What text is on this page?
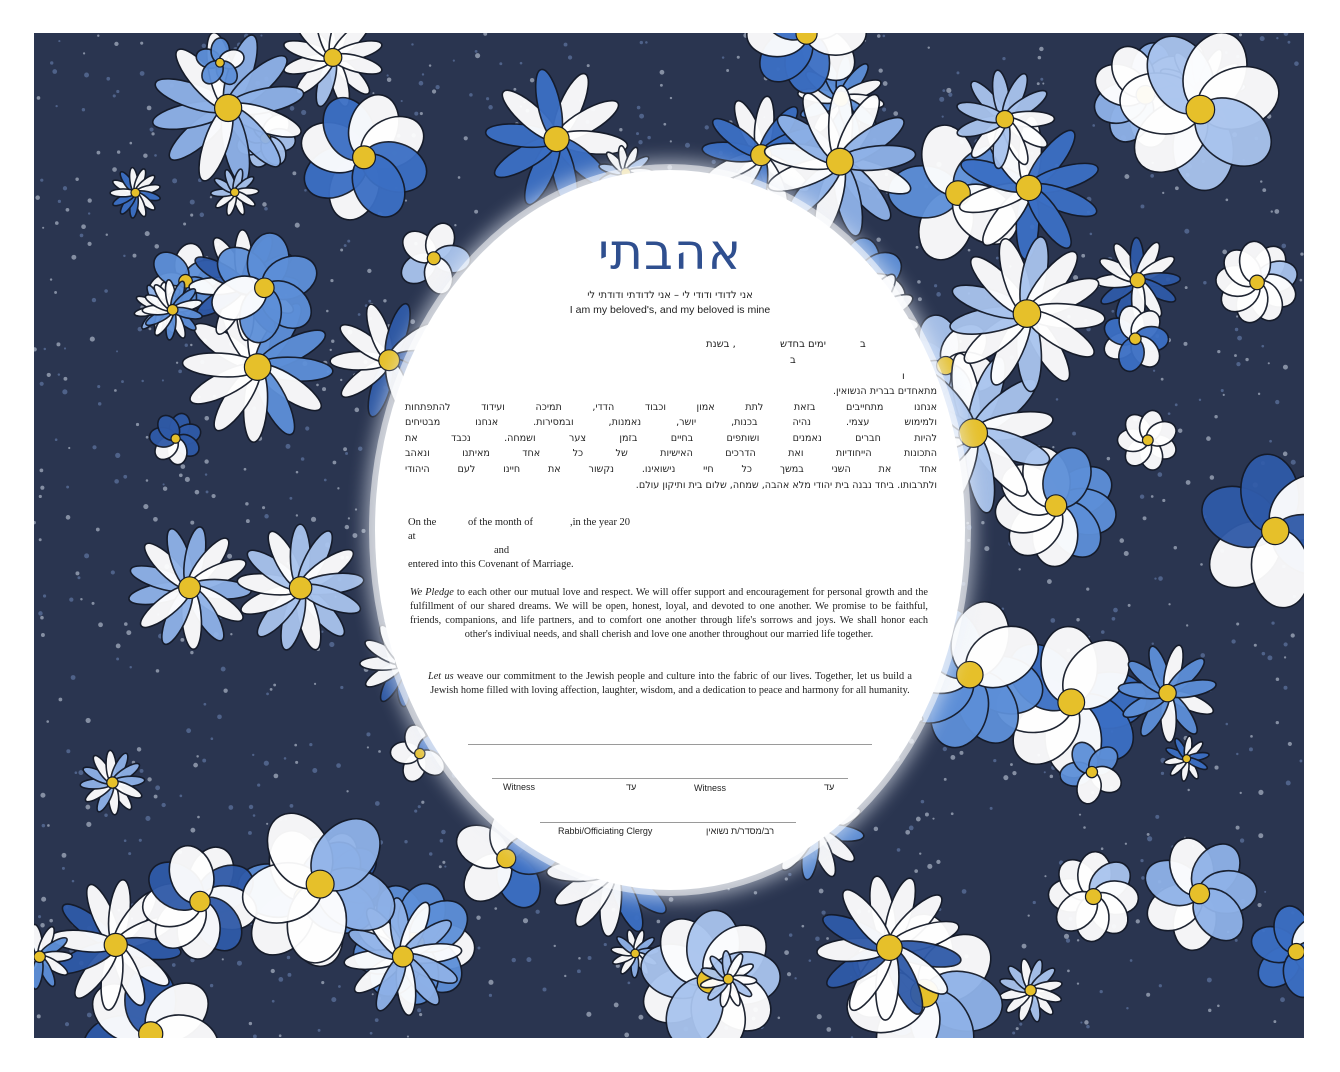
אהבתי
אני לדודי ודודי לי – אני לדודתי ודודתי לי
I am my beloved's, and my beloved is mine
ב
ימים בחדש
, בשנת
ב
ו
מתאחדים בברית הנשואין.
אנחנו מתחייבים בזאת לתת אמון וכבוד הדדי, תמיכה ועידוד להתפתחות
ולמימוש עצמי. נהיה בכנות, יושר, נאמנות, ובמסירות. אנחנו מבטיחים
להיות חברים נאמנים ושותפים בחיים בזמן צער ושמחה. נכבד את
התכונות הייחודיות ואת הדרכים האישיות של כל אחד מאיתנו ונאהב
אחד את השני במשך כל חיי נישואינו. נקשור את חיינו לעם היהודי
ולתרבותו. ביחד נבנה בית יהודי מלא אהבה, שמחה, שלום בית ותיקון עולם.
On the	of the month of	,in the year 20
at
and
entered into this Covenant of Marriage.
We Pledge to each other our mutual love and respect. We will offer support and encouragement for personal growth and the fulfillment of our shared dreams. We will be open, honest, loyal, and devoted to one another. We promise to be faithful, friends, companions, and life partners, and to comfort one another through life's sorrows and joys. We shall honor each other's indiviual needs, and shall cherish and love one another throughout our married life together.
Let us weave our commitment to the Jewish people and culture into the fabric of our lives. Together, let us build a Jewish home filled with loving affection, laughter, wisdom, and a dedication to peace and harmony for all humanity.
Witness	עד	Witness	עד
Rabbi/Officiating Clergy	רב/מסדר/ת נשואין
